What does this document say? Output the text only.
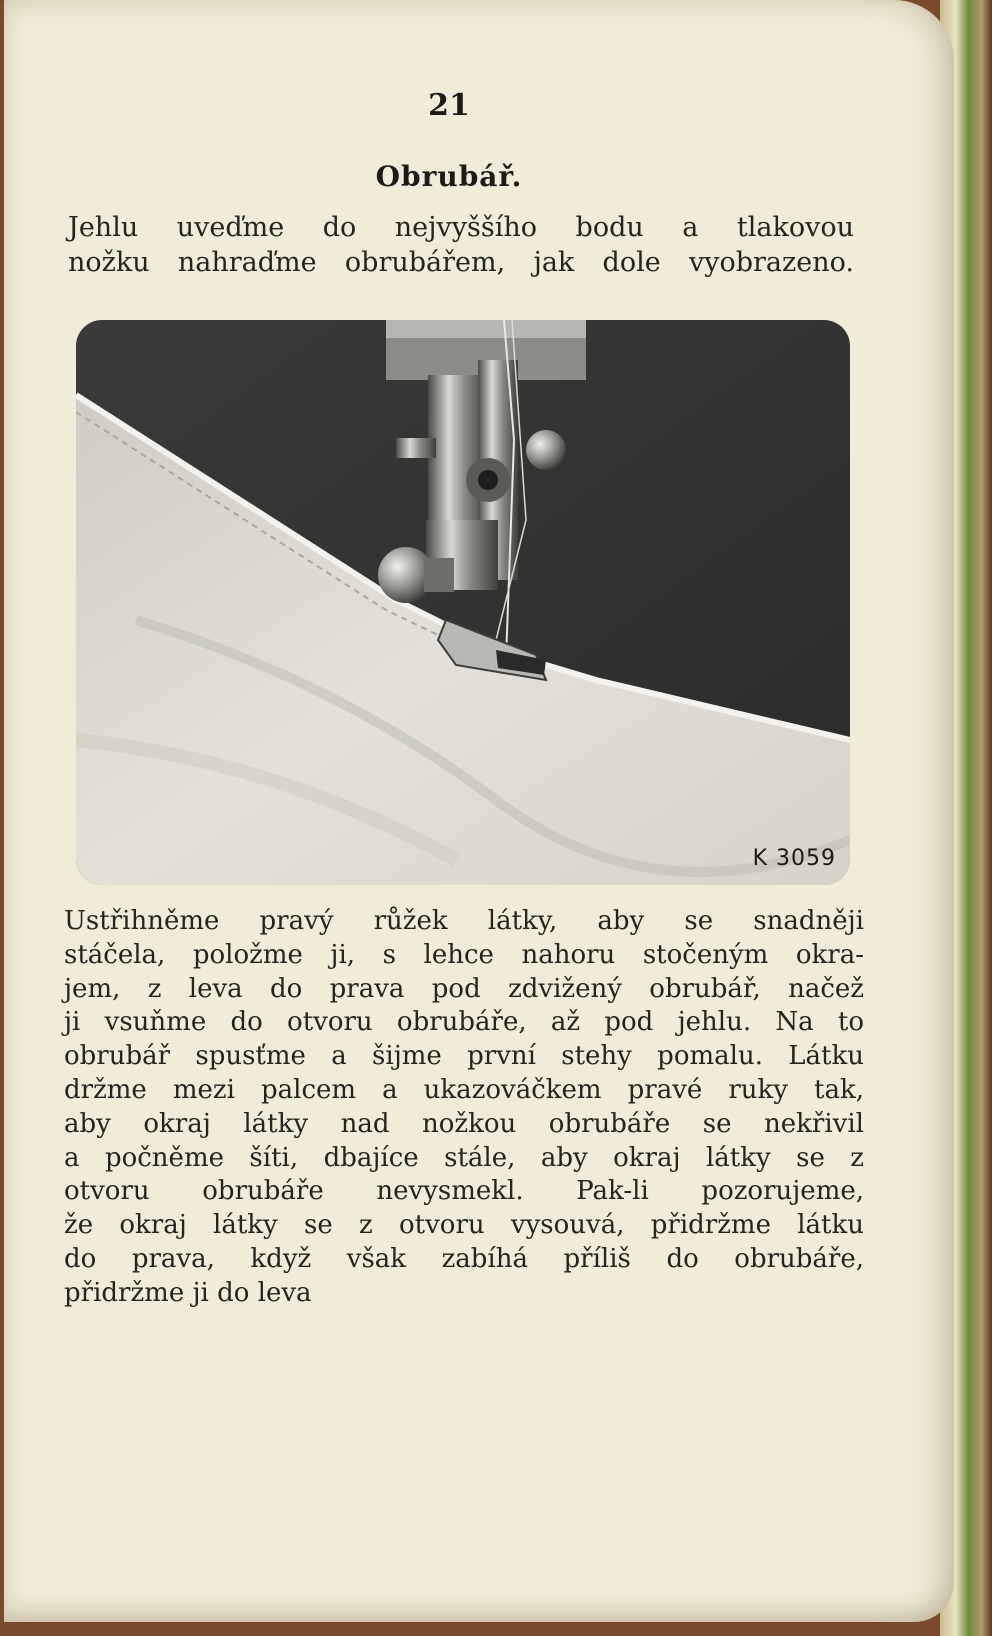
21
Obrubář.
Jehlu uveďme do nejvyššího bodu a tlakovou
nožku nahraďme obrubářem, jak dole vyobrazeno.
K 3059
Ustřihněme pravý růžek látky, aby se snadněji
stáčela, položme ji, s lehce nahoru stočeným okra-
jem, z leva do prava pod zdvižený obrubář, načež
ji vsuňme do otvoru obrubáře, až pod jehlu. Na to
obrubář spusťme a šijme první stehy pomalu. Látku
držme mezi palcem a ukazováčkem pravé ruky tak,
aby okraj látky nad nožkou obrubáře se nekřivil
a počněme šíti, dbajíce stále, aby okraj látky se z
otvoru obrubáře nevysmekl. Pak-li pozorujeme,
že okraj látky se z otvoru vysouvá, přidržme látku
do prava, když však zabíhá příliš do obrubáře,
přidržme ji do leva
